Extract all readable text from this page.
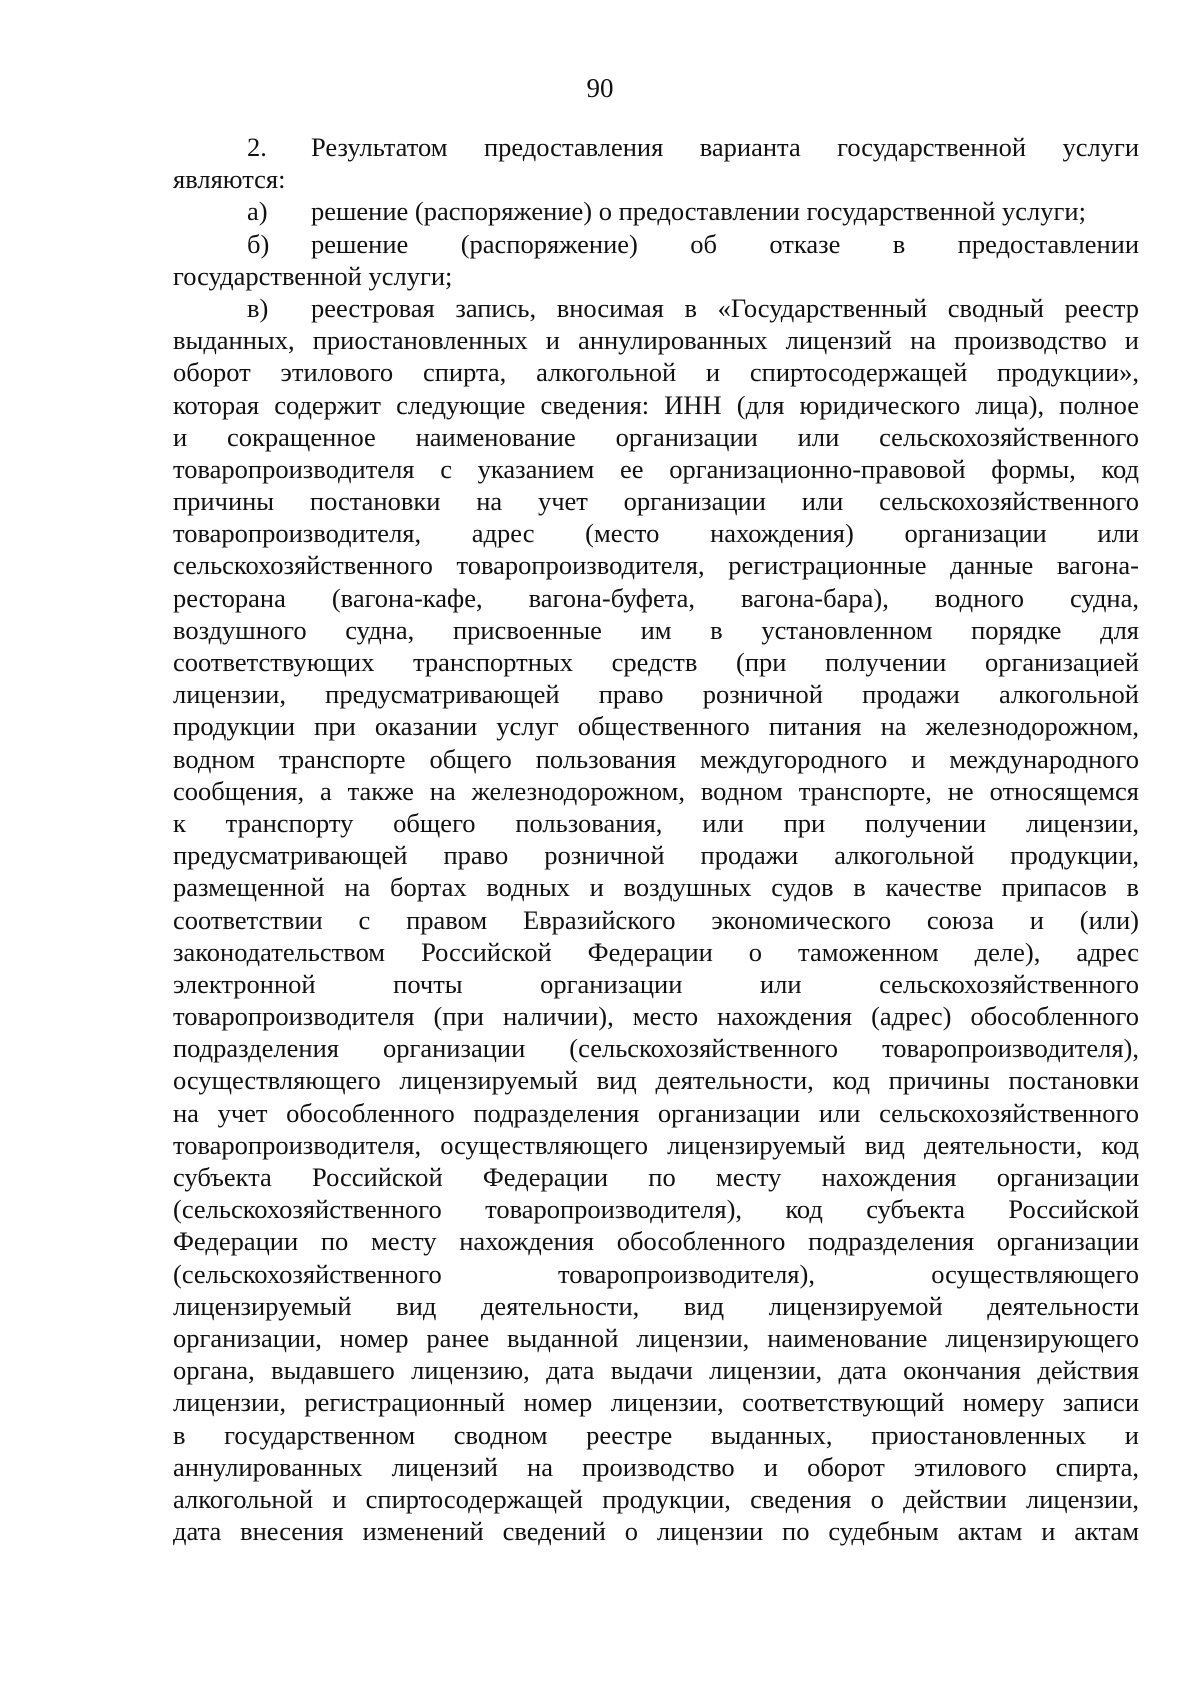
90
2. Результатом предоставления варианта государственной услуги
являются:
а) решение (распоряжение) о предоставлении государственной услуги;
б) решение (распоряжение) об отказе в предоставлении
государственной услуги;
в) реестровая запись, вносимая в «Государственный сводный реестр
выданных, приостановленных и аннулированных лицензий на производство и
оборот этилового спирта, алкогольной и спиртосодержащей продукции»,
которая содержит следующие сведения: ИНН (для юридического лица), полное
и сокращенное наименование организации или сельскохозяйственного
товаропроизводителя с указанием ее организационно-правовой формы, код
причины постановки на учет организации или сельскохозяйственного
товаропроизводителя, адрес (место нахождения) организации или
сельскохозяйственного товаропроизводителя, регистрационные данные вагона-
ресторана (вагона-кафе, вагона-буфета, вагона-бара), водного судна,
воздушного судна, присвоенные им в установленном порядке для
соответствующих транспортных средств (при получении организацией
лицензии, предусматривающей право розничной продажи алкогольной
продукции при оказании услуг общественного питания на железнодорожном,
водном транспорте общего пользования междугородного и международного
сообщения, а также на железнодорожном, водном транспорте, не относящемся
к транспорту общего пользования, или при получении лицензии,
предусматривающей право розничной продажи алкогольной продукции,
размещенной на бортах водных и воздушных судов в качестве припасов в
соответствии с правом Евразийского экономического союза и (или)
законодательством Российской Федерации о таможенном деле), адрес
электронной почты организации или сельскохозяйственного
товаропроизводителя (при наличии), место нахождения (адрес) обособленного
подразделения организации (сельскохозяйственного товаропроизводителя),
осуществляющего лицензируемый вид деятельности, код причины постановки
на учет обособленного подразделения организации или сельскохозяйственного
товаропроизводителя, осуществляющего лицензируемый вид деятельности, код
субъекта Российской Федерации по месту нахождения организации
(сельскохозяйственного товаропроизводителя), код субъекта Российской
Федерации по месту нахождения обособленного подразделения организации
(сельскохозяйственного товаропроизводителя), осуществляющего
лицензируемый вид деятельности, вид лицензируемой деятельности
организации, номер ранее выданной лицензии, наименование лицензирующего
органа, выдавшего лицензию, дата выдачи лицензии, дата окончания действия
лицензии, регистрационный номер лицензии, соответствующий номеру записи
в государственном сводном реестре выданных, приостановленных и
аннулированных лицензий на производство и оборот этилового спирта,
алкогольной и спиртосодержащей продукции, сведения о действии лицензии,
дата внесения изменений сведений о лицензии по судебным актам и актам
